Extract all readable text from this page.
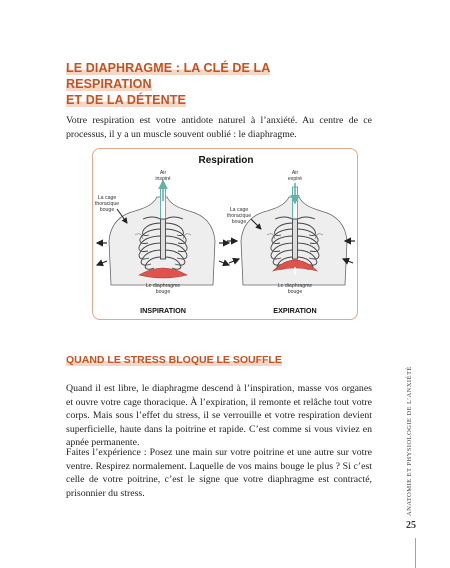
LE DIAPHRAGME : LA CLÉ DE LA RESPIRATION
ET DE LA DÉTENTE

Votre respiration est votre antidote naturel à l’anxiété. Au centre de ce processus, il y a un muscle souvent oublié : le diaphragme.

Respiration
Air
inspiré
La cage
thoracique
bouge
Le diaphragme
bouge
INSPIRATION
Air
expiré
La cage
thoracique
bouge
Le diaphragme
bouge
EXPIRATION
QUAND LE STRESS BLOQUE LE SOUFFLE

Quand il est libre, le diaphragme descend à l’inspiration, masse vos organes et ouvre votre cage thoracique. À l’expiration, il remonte et relâche tout votre corps. Mais sous l’effet du stress, il se verrouille et votre respiration devient superficielle, haute dans la poitrine et rapide. C’est comme si vous viviez en apnée permanente.

Faites l’expérience : Posez une main sur votre poitrine et une autre sur votre ventre. Respirez normalement. Laquelle de vos mains bouge le plus ? Si c’est celle de votre poitrine, c’est le signe que votre diaphragme est contracté, prisonnier du stress.	ANATOMIE ET PHYSIOLOGIE DE L’ANXIÉTÉ
25
